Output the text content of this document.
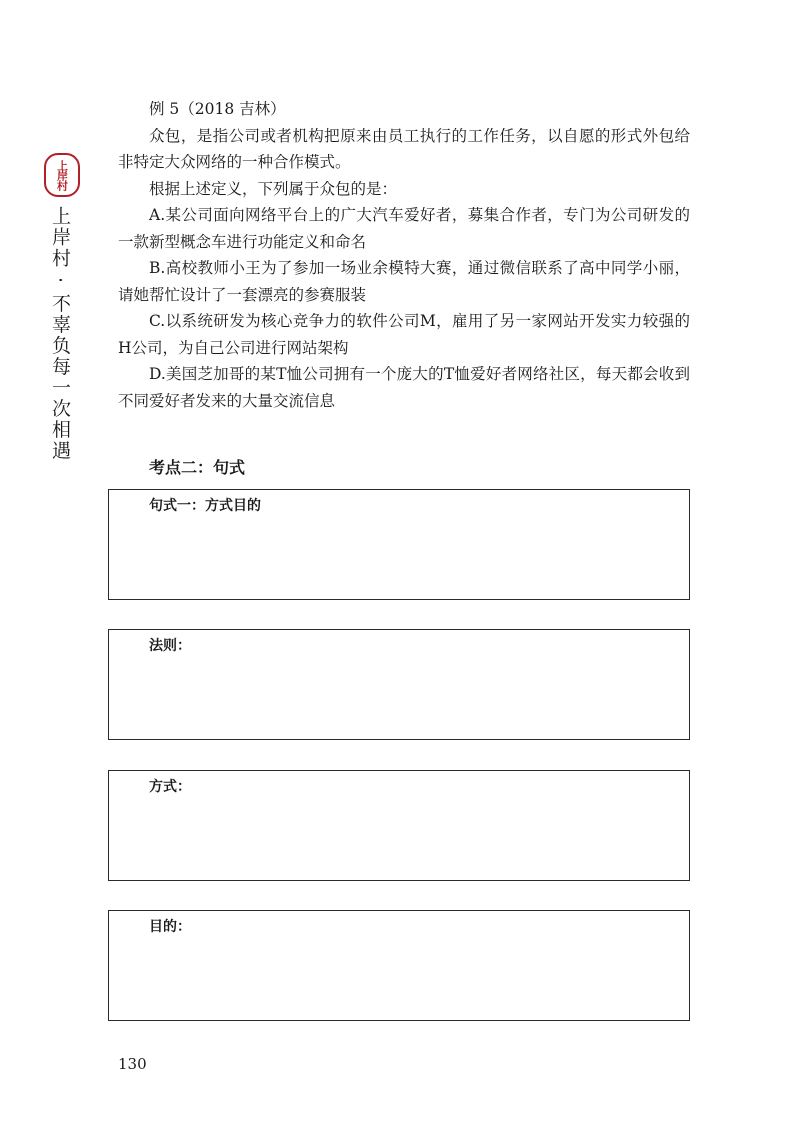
上岸村
上岸村 · 不辜负每一次相遇

例 5（2018 吉林）

众包，是指公司或者机构把原来由员工执行的工作任务，以自愿的形式外包给非特定大众网络的一种合作模式。

根据上述定义，下列属于众包的是：

A.某公司面向网络平台上的广大汽车爱好者，募集合作者，专门为公司研发的一款新型概念车进行功能定义和命名

B.高校教师小王为了参加一场业余模特大赛，通过微信联系了高中同学小丽，请她帮忙设计了一套漂亮的参赛服装

C.以系统研发为核心竞争力的软件公司M，雇用了另一家网站开发实力较强的H公司，为自己公司进行网站架构

D.美国芝加哥的某T恤公司拥有一个庞大的T恤爱好者网络社区，每天都会收到不同爱好者发来的大量交流信息

考点二：句式
句式一：方式目的
法则：
方式：
目的：
130
